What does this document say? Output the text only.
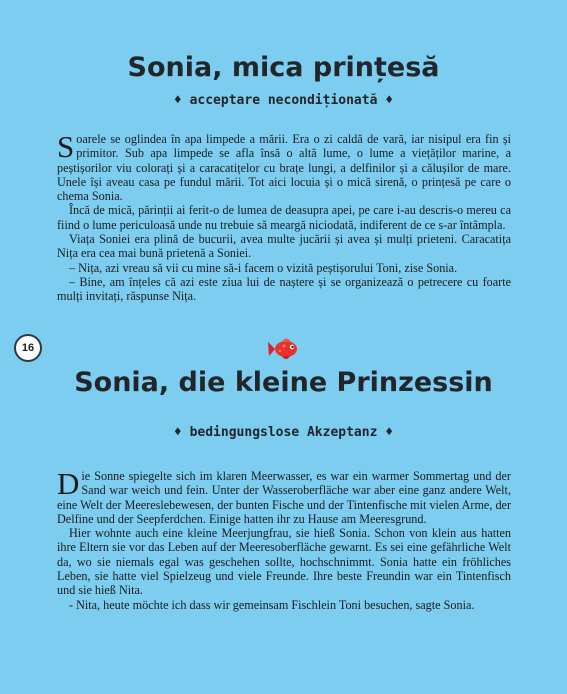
Sonia, mica prințesă
♦ acceptare necondiționată ♦

Soarele se oglindea în apa limpede a mării. Era o zi caldă de vară, iar nisipul era fin și primitor. Sub apa limpede se afla însă o altă lume, o lume a viețăților marine, a peștișorilor viu colorați și a caracatițelor cu brațe lungi, a delfinilor și a călușilor de mare. Unele își aveau casa pe fundul mării. Tot aici locuia și o mică sirenă, o prințesă pe care o chema Sonia.

Încă de mică, părinții ai ferit-o de lumea de deasupra apei, pe care i-au descris-o mereu ca fiind o lume periculoasă unde nu trebuie să meargă niciodată, indiferent de ce s-ar întâmpla.

Viața Soniei era plină de bucurii, avea multe jucării și avea și mulți prieteni. Caracatița Nița era cea mai bună prietenă a Soniei.

– Nița, azi vreau să vii cu mine să-i facem o vizită peștișorului Toni, zise Sonia.

– Bine, am înțeles că azi este ziua lui de naștere și se organizează o petrecere cu foarte mulți invitați, răspunse Nița.

16
Sonia, die kleine Prinzessin
♦ bedingungslose Akzeptanz ♦

Die Sonne spiegelte sich im klaren Meerwasser, es war ein warmer Sommertag und der Sand war weich und fein. Unter der Wasseroberfläche war aber eine ganz andere Welt, eine Welt der Meereslebewesen, der bunten Fische und der Tintenfische mit vielen Arme, der Delfine und der Seepferdchen. Einige hatten ihr zu Hause am Meeresgrund.

Hier wohnte auch eine kleine Meerjungfrau, sie hieß Sonia. Schon von klein aus hatten ihre Eltern sie vor das Leben auf der Meeresoberfläche gewarnt. Es sei eine gefährliche Welt da, wo sie niemals egal was geschehen sollte, hochschnimmt. Sonia hatte ein fröhliches Leben, sie hatte viel Spielzeug und viele Freunde. Ihre beste Freundin war ein Tintenfisch und sie hieß Nita.

- Nita, heute möchte ich dass wir gemeinsam Fischlein Toni besuchen, sagte Sonia.
